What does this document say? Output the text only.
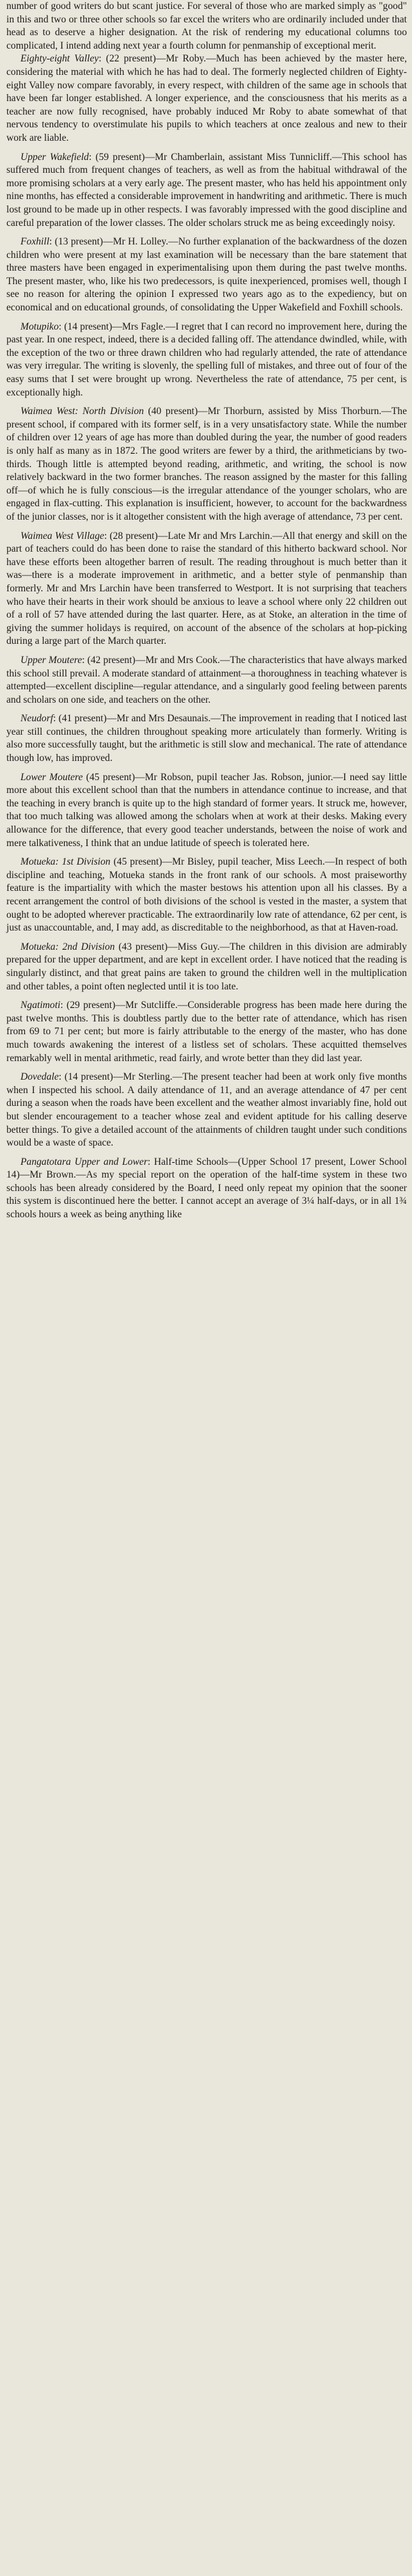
number of good writers do but scant justice. For several of those who are marked simply as "good" in this and two or three other schools so far excel the writers who are ordinarily included under that head as to deserve a higher designation. At the risk of rendering my educational columns too complicated, I intend adding next year a fourth column for penmanship of exceptional merit.

Eighty-eight Valley: (22 present)—Mr Roby.—Much has been achieved by the master here, considering the material with which he has had to deal. The formerly neglected children of Eighty-eight Valley now compare favorably, in every respect, with children of the same age in schools that have been far longer established. A longer experience, and the consciousness that his merits as a teacher are now fully recognised, have probably induced Mr Roby to abate somewhat of that nervous tendency to overstimulate his pupils to which teachers at once zealous and new to their work are liable.

Upper Wakefield: (59 present)—Mr Chamberlain, assistant Miss Tunnicliff.—This school has suffered much from frequent changes of teachers, as well as from the habitual withdrawal of the more promising scholars at a very early age. The present master, who has held his appointment only nine months, has effected a considerable improvement in handwriting and arithmetic. There is much lost ground to be made up in other respects. I was favorably impressed with the good discipline and careful preparation of the lower classes. The older scholars struck me as being exceedingly noisy.

Foxhill: (13 present)—Mr H. Lolley.—No further explanation of the backwardness of the dozen children who were present at my last examination will be necessary than the bare statement that three masters have been engaged in experimentalising upon them during the past twelve months. The present master, who, like his two predecessors, is quite inexperienced, promises well, though I see no reason for altering the opinion I expressed two years ago as to the expediency, but on economical and on educational grounds, of consolidating the Upper Wakefield and Foxhill schools.

Motupiko: (14 present)—Mrs Fagle.—I regret that I can record no improvement here, during the past year. In one respect, indeed, there is a decided falling off. The attendance dwindled, while, with the exception of the two or three drawn children who had regularly attended, the rate of attendance was very irregular. The writing is slovenly, the spelling full of mistakes, and three out of four of the easy sums that I set were brought up wrong. Nevertheless the rate of attendance, 75 per cent, is exceptionally high.

Waimea West: North Division (40 present)—Mr Thorburn, assisted by Miss Thorburn.—The present school, if compared with its former self, is in a very unsatisfactory state. While the number of children over 12 years of age has more than doubled during the year, the number of good readers is only half as many as in 1872. The good writers are fewer by a third, the arithmeticians by two-thirds. Though little is attempted beyond reading, arithmetic, and writing, the school is now relatively backward in the two former branches. The reason assigned by the master for this falling off—of which he is fully conscious—is the irregular attendance of the younger scholars, who are engaged in flax-cutting. This explanation is insufficient, however, to account for the backwardness of the junior classes, nor is it altogether consistent with the high average of attendance, 73 per cent.

Waimea West Village: (28 present)—Late Mr and Mrs Larchin.—All that energy and skill on the part of teachers could do has been done to raise the standard of this hitherto backward school. Nor have these efforts been altogether barren of result. The reading throughout is much better than it was—there is a moderate improvement in arithmetic, and a better style of penmanship than formerly. Mr and Mrs Larchin have been transferred to Westport. It is not surprising that teachers who have their hearts in their work should be anxious to leave a school where only 22 children out of a roll of 57 have attended during the last quarter. Here, as at Stoke, an alteration in the time of giving the summer holidays is required, on account of the absence of the scholars at hop-picking during a large part of the March quarter.

Upper Moutere: (42 present)—Mr and Mrs Cook.—The characteristics that have always marked this school still prevail. A moderate standard of attainment—a thoroughness in teaching whatever is attempted—excellent discipline—regular attendance, and a singularly good feeling between parents and scholars on one side, and teachers on the other.

Neudorf: (41 present)—Mr and Mrs Desaunais.—The improvement in reading that I noticed last year still continues, the children throughout speaking more articulately than formerly. Writing is also more successfully taught, but the arithmetic is still slow and mechanical. The rate of attendance though low, has improved.

Lower Moutere (45 present)—Mr Robson, pupil teacher Jas. Robson, junior.—I need say little more about this excellent school than that the numbers in attendance continue to increase, and that the teaching in every branch is quite up to the high standard of former years. It struck me, however, that too much talking was allowed among the scholars when at work at their desks. Making every allowance for the difference, that every good teacher understands, between the noise of work and mere talkativeness, I think that an undue latitude of speech is tolerated here.

Motueka: 1st Division (45 present)—Mr Bisley, pupil teacher, Miss Leech.—In respect of both discipline and teaching, Motueka stands in the front rank of our schools. A most praiseworthy feature is the impartiality with which the master bestows his attention upon all his classes. By a recent arrangement the control of both divisions of the school is vested in the master, a system that ought to be adopted wherever practicable. The extraordinarily low rate of attendance, 62 per cent, is just as unaccountable, and, I may add, as discreditable to the neighborhood, as that at Haven-road.

Motueka: 2nd Division (43 present)—Miss Guy.—The children in this division are admirably prepared for the upper department, and are kept in excellent order. I have noticed that the reading is singularly distinct, and that great pains are taken to ground the children well in the multiplication and other tables, a point often neglected until it is too late.

Ngatimoti: (29 present)—Mr Sutcliffe.—Considerable progress has been made here during the past twelve months. This is doubtless partly due to the better rate of attendance, which has risen from 69 to 71 per cent; but more is fairly attributable to the energy of the master, who has done much towards awakening the interest of a listless set of scholars. These acquitted themselves remarkably well in mental arithmetic, read fairly, and wrote better than they did last year.

Dovedale: (14 present)—Mr Sterling.—The present teacher had been at work only five months when I inspected his school. A daily attendance of 11, and an average attendance of 47 per cent during a season when the roads have been excellent and the weather almost invariably fine, hold out but slender encouragement to a teacher whose zeal and evident aptitude for his calling deserve better things. To give a detailed account of the attainments of children taught under such conditions would be a waste of space.

Pangatotara Upper and Lower: Half-time Schools—(Upper School 17 present, Lower School 14)—Mr Brown.—As my special report on the operation of the half-time system in these two schools has been already considered by the Board, I need only repeat my opinion that the sooner this system is discontinued here the better. I cannot accept an average of 3¼ half-days, or in all 1¾ schools hours a week as being anything like
